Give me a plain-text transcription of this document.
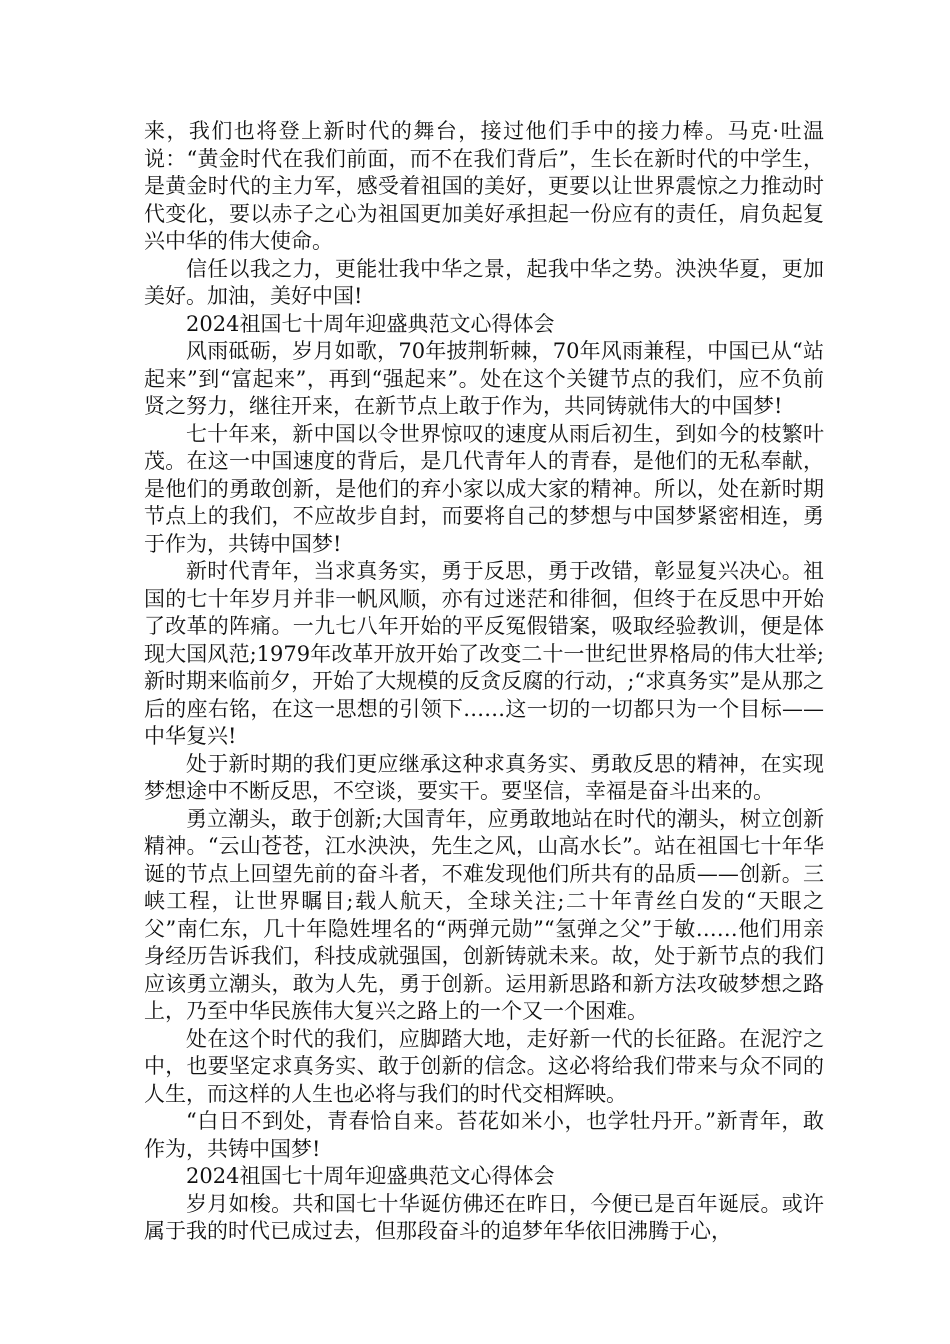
来，我们也将登上新时代的舞台，接过他们手中的接力棒。马克·吐温说：“黄金时代在我们前面，而不在我们背后”，生长在新时代的中学生，是黄金时代的主力军，感受着祖国的美好，更要以让世界震惊之力推动时代变化，要以赤子之心为祖国更加美好承担起一份应有的责任，肩负起复兴中华的伟大使命。

信任以我之力，更能壮我中华之景，起我中华之势。泱泱华夏，更加美好。加油，美好中国!

2024祖国七十周年迎盛典范文心得体会

风雨砥砺，岁月如歌，70年披荆斩棘，70年风雨兼程，中国已从“站起来”到“富起来”，再到“强起来”。处在这个关键节点的我们，应不负前贤之努力，继往开来，在新节点上敢于作为，共同铸就伟大的中国梦!

七十年来，新中国以令世界惊叹的速度从雨后初生，到如今的枝繁叶茂。在这一中国速度的背后，是几代青年人的青春，是他们的无私奉献，是他们的勇敢创新，是他们的弃小家以成大家的精神。所以，处在新时期节点上的我们，不应故步自封，而要将自己的梦想与中国梦紧密相连，勇于作为，共铸中国梦!

新时代青年，当求真务实，勇于反思，勇于改错，彰显复兴决心。祖国的七十年岁月并非一帆风顺，亦有过迷茫和徘徊，但终于在反思中开始了改革的阵痛。一九七八年开始的平反冤假错案，吸取经验教训，便是体现大国风范;1979年改革开放开始了改变二十一世纪世界格局的伟大壮举;新时期来临前夕，开始了大规模的反贪反腐的行动，;“求真务实”是从那之后的座右铭，在这一思想的引领下……这一切的一切都只为一个目标——中华复兴!

处于新时期的我们更应继承这种求真务实、勇敢反思的精神，在实现梦想途中不断反思，不空谈，要实干。要坚信，幸福是奋斗出来的。

勇立潮头，敢于创新;大国青年，应勇敢地站在时代的潮头，树立创新精神。“云山苍苍，江水泱泱，先生之风，山高水长”。站在祖国七十年华诞的节点上回望先前的奋斗者，不难发现他们所共有的品质——创新。三峡工程，让世界瞩目;载人航天，全球关注;二十年青丝白发的“天眼之父”南仁东，几十年隐姓埋名的“两弹元勋”“氢弹之父”于敏……他们用亲身经历告诉我们，科技成就强国，创新铸就未来。故，处于新节点的我们应该勇立潮头，敢为人先，勇于创新。运用新思路和新方法攻破梦想之路上，乃至中华民族伟大复兴之路上的一个又一个困难。

处在这个时代的我们，应脚踏大地，走好新一代的长征路。在泥泞之中，也要坚定求真务实、敢于创新的信念。这必将给我们带来与众不同的人生，而这样的人生也必将与我们的时代交相辉映。

“白日不到处，青春恰自来。苔花如米小，也学牡丹开。”新青年，敢作为，共铸中国梦!

2024祖国七十周年迎盛典范文心得体会

岁月如梭。共和国七十华诞仿佛还在昨日，今便已是百年诞辰。或许属于我的时代已成过去，但那段奋斗的追梦年华依旧沸腾于心，
